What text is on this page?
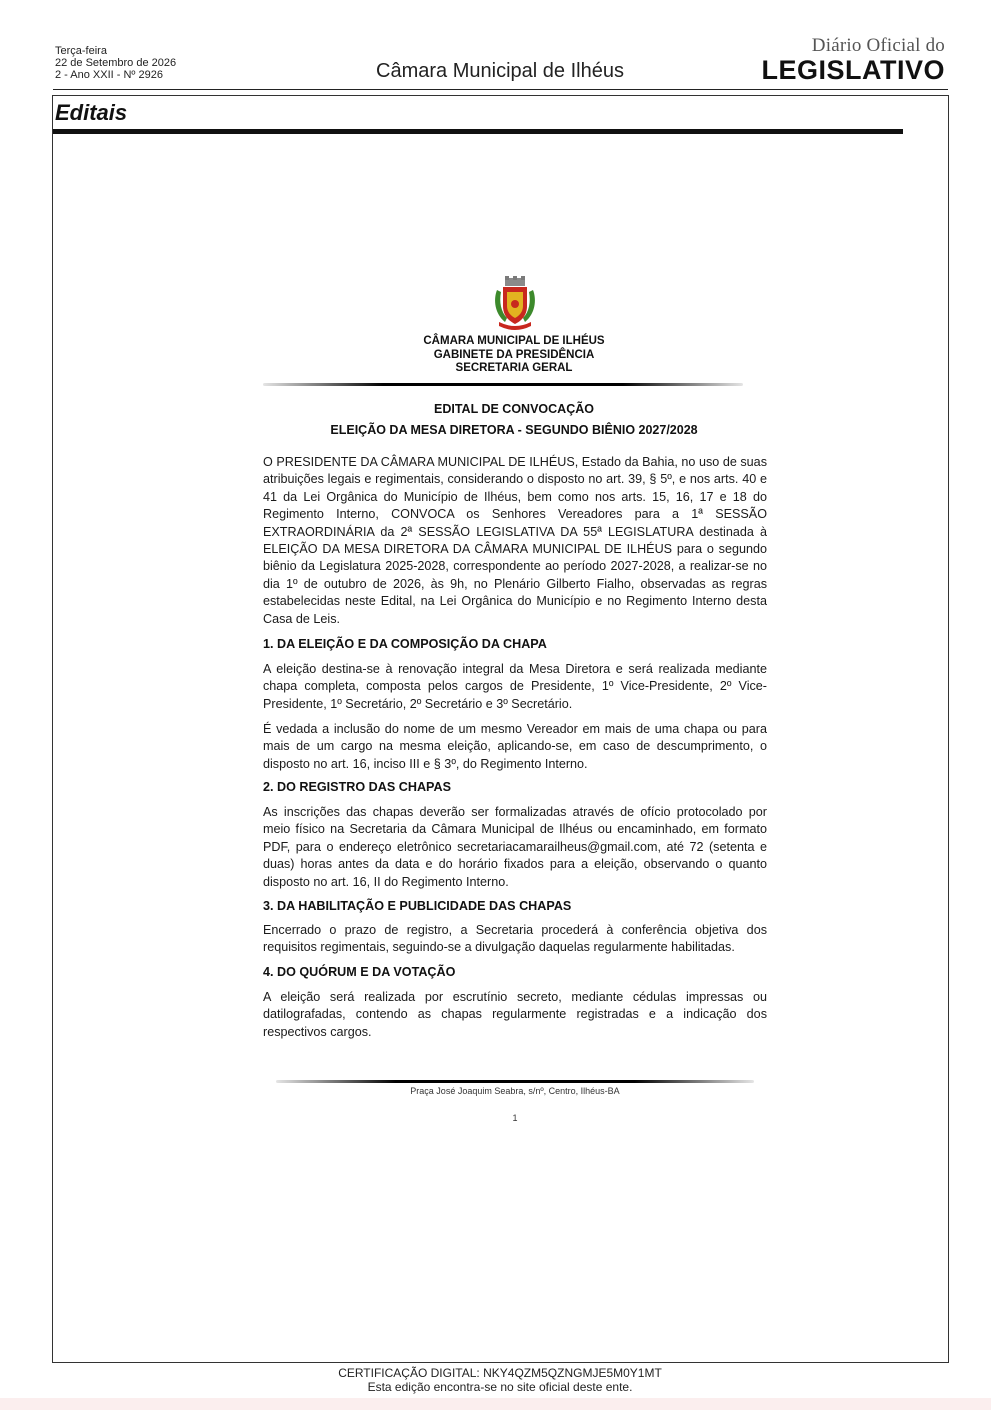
Terça-feira
22 de Setembro de 2026
2 - Ano XXII - Nº 2926	Câmara Municipal de Ilhéus
Diário Oficial do
LEGISLATIVO
Editais
CÂMARA MUNICIPAL DE ILHÉUS
GABINETE DA PRESIDÊNCIA
SECRETARIA GERAL
EDITAL DE CONVOCAÇÃO
ELEIÇÃO DA MESA DIRETORA - SEGUNDO BIÊNIO 2027/2028

O PRESIDENTE DA CÂMARA MUNICIPAL DE ILHÉUS, Estado da Bahia, no uso de suas atribuições legais e regimentais, considerando o disposto no art. 39, § 5º, e nos arts. 40 e 41 da Lei Orgânica do Município de Ilhéus, bem como nos arts. 15, 16, 17 e 18 do Regimento Interno, CONVOCA os Senhores Vereadores para a 1ª SESSÃO EXTRAORDINÁRIA da 2ª SESSÃO LEGISLATIVA DA 55ª LEGISLATURA destinada à ELEIÇÃO DA MESA DIRETORA DA CÂMARA MUNICIPAL DE ILHÉUS para o segundo biênio da Legislatura 2025-2028, correspondente ao período 2027-2028, a realizar-se no dia 1º de outubro de 2026, às 9h, no Plenário Gilberto Fialho, observadas as regras estabelecidas neste Edital, na Lei Orgânica do Município e no Regimento Interno desta Casa de Leis.

1. DA ELEIÇÃO E DA COMPOSIÇÃO DA CHAPA

A eleição destina-se à renovação integral da Mesa Diretora e será realizada mediante chapa completa, composta pelos cargos de Presidente, 1º Vice-Presidente, 2º Vice-Presidente, 1º Secretário, 2º Secretário e 3º Secretário.

É vedada a inclusão do nome de um mesmo Vereador em mais de uma chapa ou para mais de um cargo na mesma eleição, aplicando-se, em caso de descumprimento, o disposto no art. 16, inciso III e § 3º, do Regimento Interno.

2. DO REGISTRO DAS CHAPAS

As inscrições das chapas deverão ser formalizadas através de ofício protocolado por meio físico na Secretaria da Câmara Municipal de Ilhéus ou encaminhado, em formato PDF, para o endereço eletrônico secretariacamarailheus@gmail.com, até 72 (setenta e duas) horas antes da data e do horário fixados para a eleição, observando o quanto disposto no art. 16, II do Regimento Interno.

3. DA HABILITAÇÃO E PUBLICIDADE DAS CHAPAS

Encerrado o prazo de registro, a Secretaria procederá à conferência objetiva dos requisitos regimentais, seguindo-se a divulgação daquelas regularmente habilitadas.

4. DO QUÓRUM E DA VOTAÇÃO

A eleição será realizada por escrutínio secreto, mediante cédulas impressas ou datilografadas, contendo as chapas regularmente registradas e a indicação dos respectivos cargos.

Praça José Joaquim Seabra, s/nº, Centro, Ilhéus-BA
1
CERTIFICAÇÃO DIGITAL: NKY4QZM5QZNGMJE5M0Y1MT
Esta edição encontra-se no site oficial deste ente.
